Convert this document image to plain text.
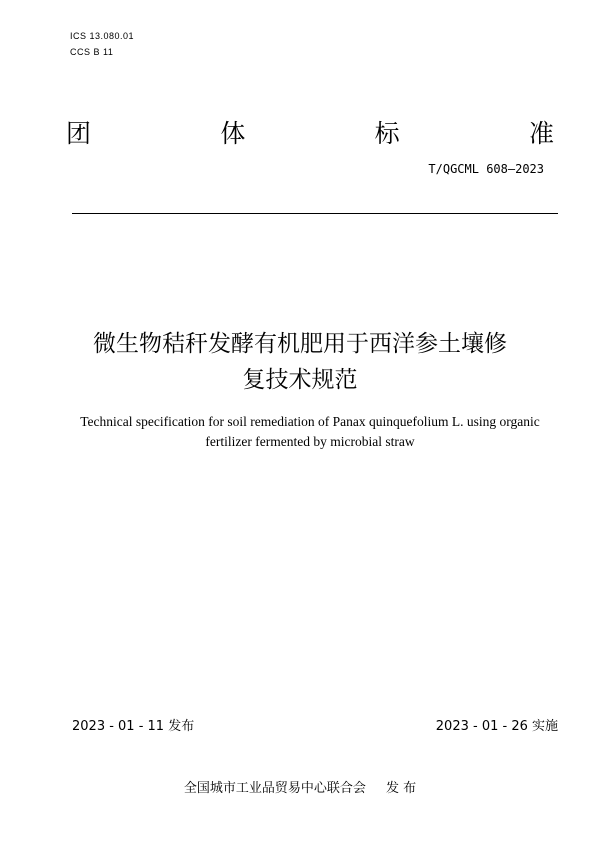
ICS 13.080.01
CCS B 11
团	体	标	准
T/QGCML 608—2023
微生物秸秆发酵有机肥用于西洋参土壤修
复技术规范
Technical specification for soil remediation of Panax quinquefolium L. using organic
fertilizer fermented by microbial straw
2023 - 01 - 11 发布	2023 - 01 - 26 实施
全国城市工业品贸易中心联合会 发 布
